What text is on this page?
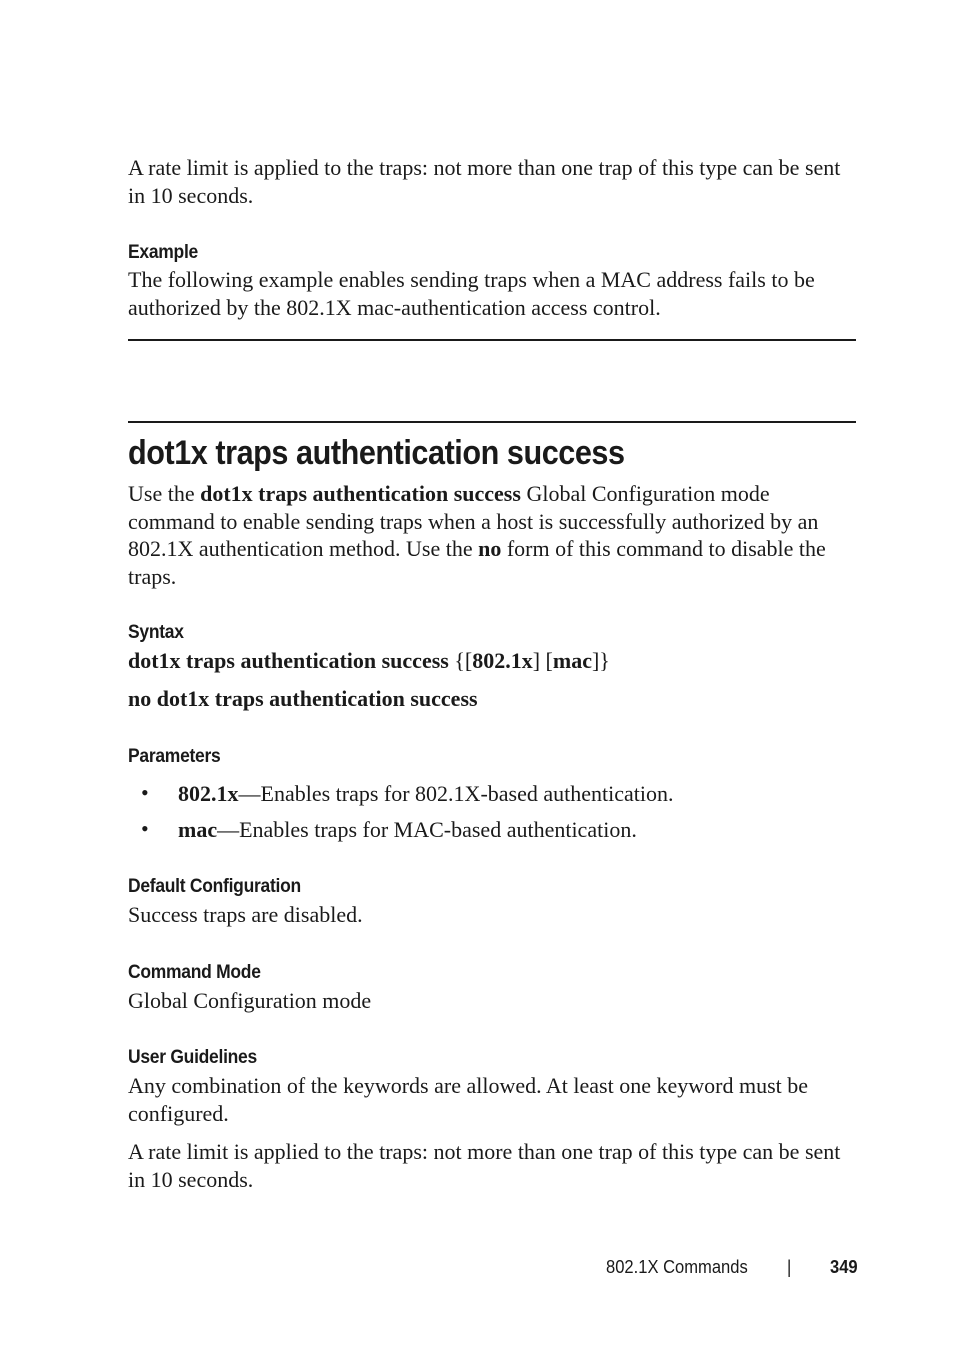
A rate limit is applied to the traps: not more than one trap of this type can be sent in 10 seconds.
Example
The following example enables sending traps when a MAC address fails to be authorized by the 802.1X mac-authentication access control.
dot1x traps authentication success
Use the dot1x traps authentication success Global Configuration mode command to enable sending traps when a host is successfully authorized by an 802.1X authentication method. Use the no form of this command to disable the traps.
Syntax
dot1x traps authentication success {[802.1x] [mac]}
no dot1x traps authentication success
Parameters
• 802.1x—Enables traps for 802.1X-based authentication.
• mac—Enables traps for MAC-based authentication.
Default Configuration
Success traps are disabled.
Command Mode
Global Configuration mode
User Guidelines
Any combination of the keywords are allowed. At least one keyword must be configured.
A rate limit is applied to the traps: not more than one trap of this type can be sent in 10 seconds.
802.1X Commands | 349
